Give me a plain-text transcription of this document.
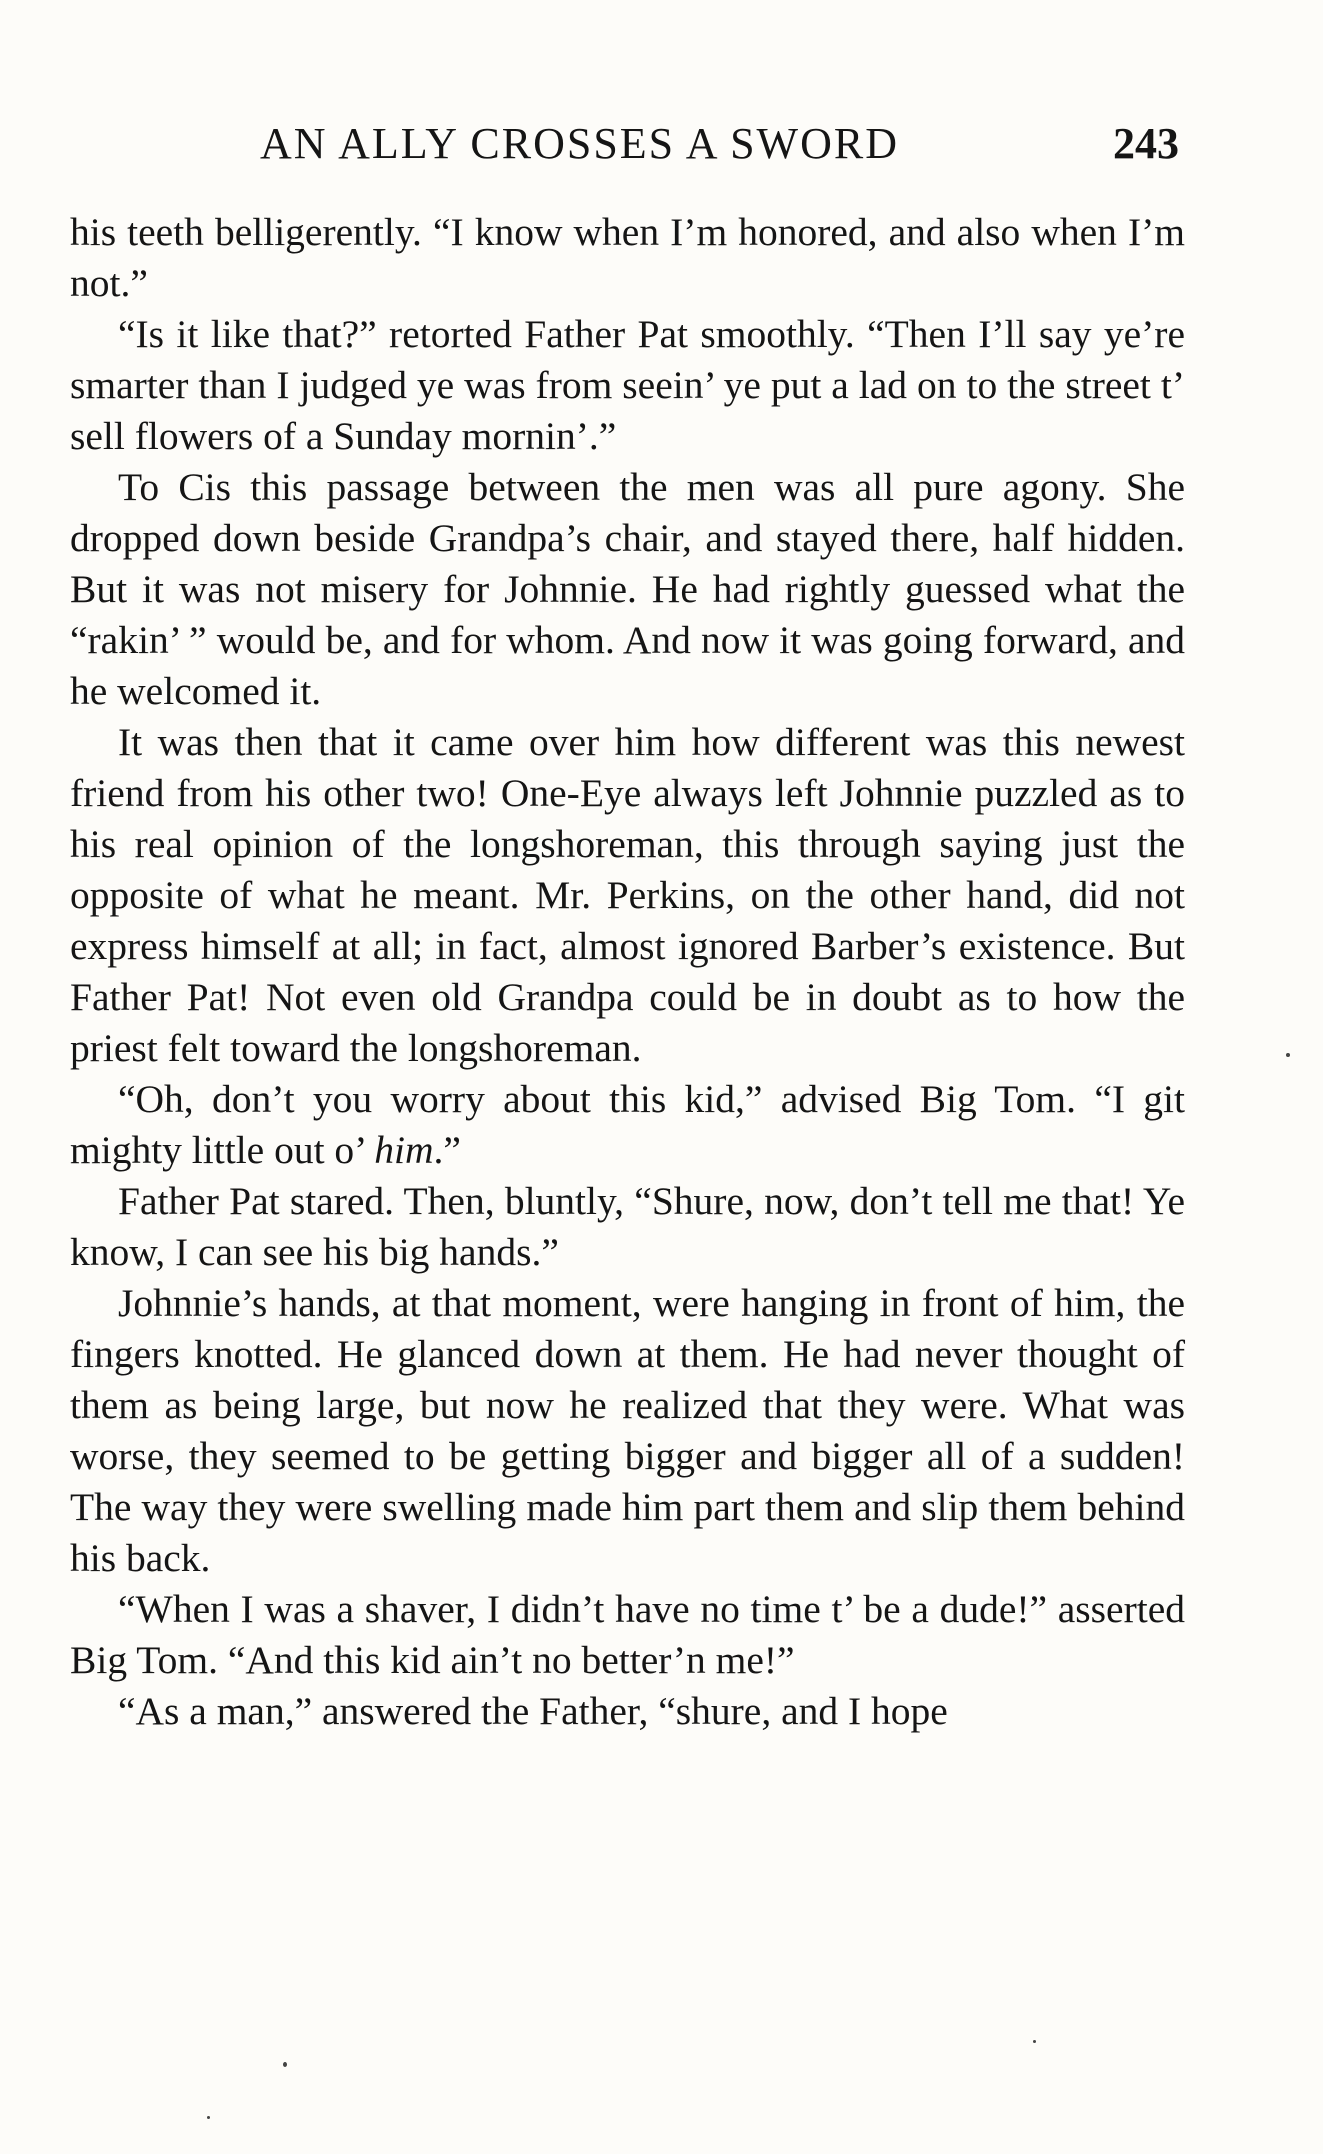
AN ALLY CROSSES A SWORD	243

his teeth belligerently. “I know when I’m honored, and also when I’m not.”

“Is it like that?” retorted Father Pat smoothly. “Then I’ll say ye’re smarter than I judged ye was from seein’ ye put a lad on to the street t’ sell flowers of a Sunday mornin’.”

To Cis this passage between the men was all pure agony. She dropped down beside Grandpa’s chair, and stayed there, half hidden. But it was not misery for Johnnie. He had rightly guessed what the “rakin’ ” would be, and for whom. And now it was going forward, and he welcomed it.

It was then that it came over him how different was this newest friend from his other two! One-Eye always left Johnnie puzzled as to his real opinion of the longshoreman, this through saying just the opposite of what he meant. Mr. Perkins, on the other hand, did not express himself at all; in fact, almost ignored Barber’s existence. But Father Pat! Not even old Grandpa could be in doubt as to how the priest felt toward the longshoreman.

“Oh, don’t you worry about this kid,” advised Big Tom. “I git mighty little out o’ him.”

Father Pat stared. Then, bluntly, “Shure, now, don’t tell me that! Ye know, I can see his big hands.”

Johnnie’s hands, at that moment, were hanging in front of him, the fingers knotted. He glanced down at them. He had never thought of them as being large, but now he realized that they were. What was worse, they seemed to be getting bigger and bigger all of a sudden! The way they were swelling made him part them and slip them behind his back.

“When I was a shaver, I didn’t have no time t’ be a dude!” asserted Big Tom. “And this kid ain’t no better’n me!”

“As a man,” answered the Father, “shure, and I hope
